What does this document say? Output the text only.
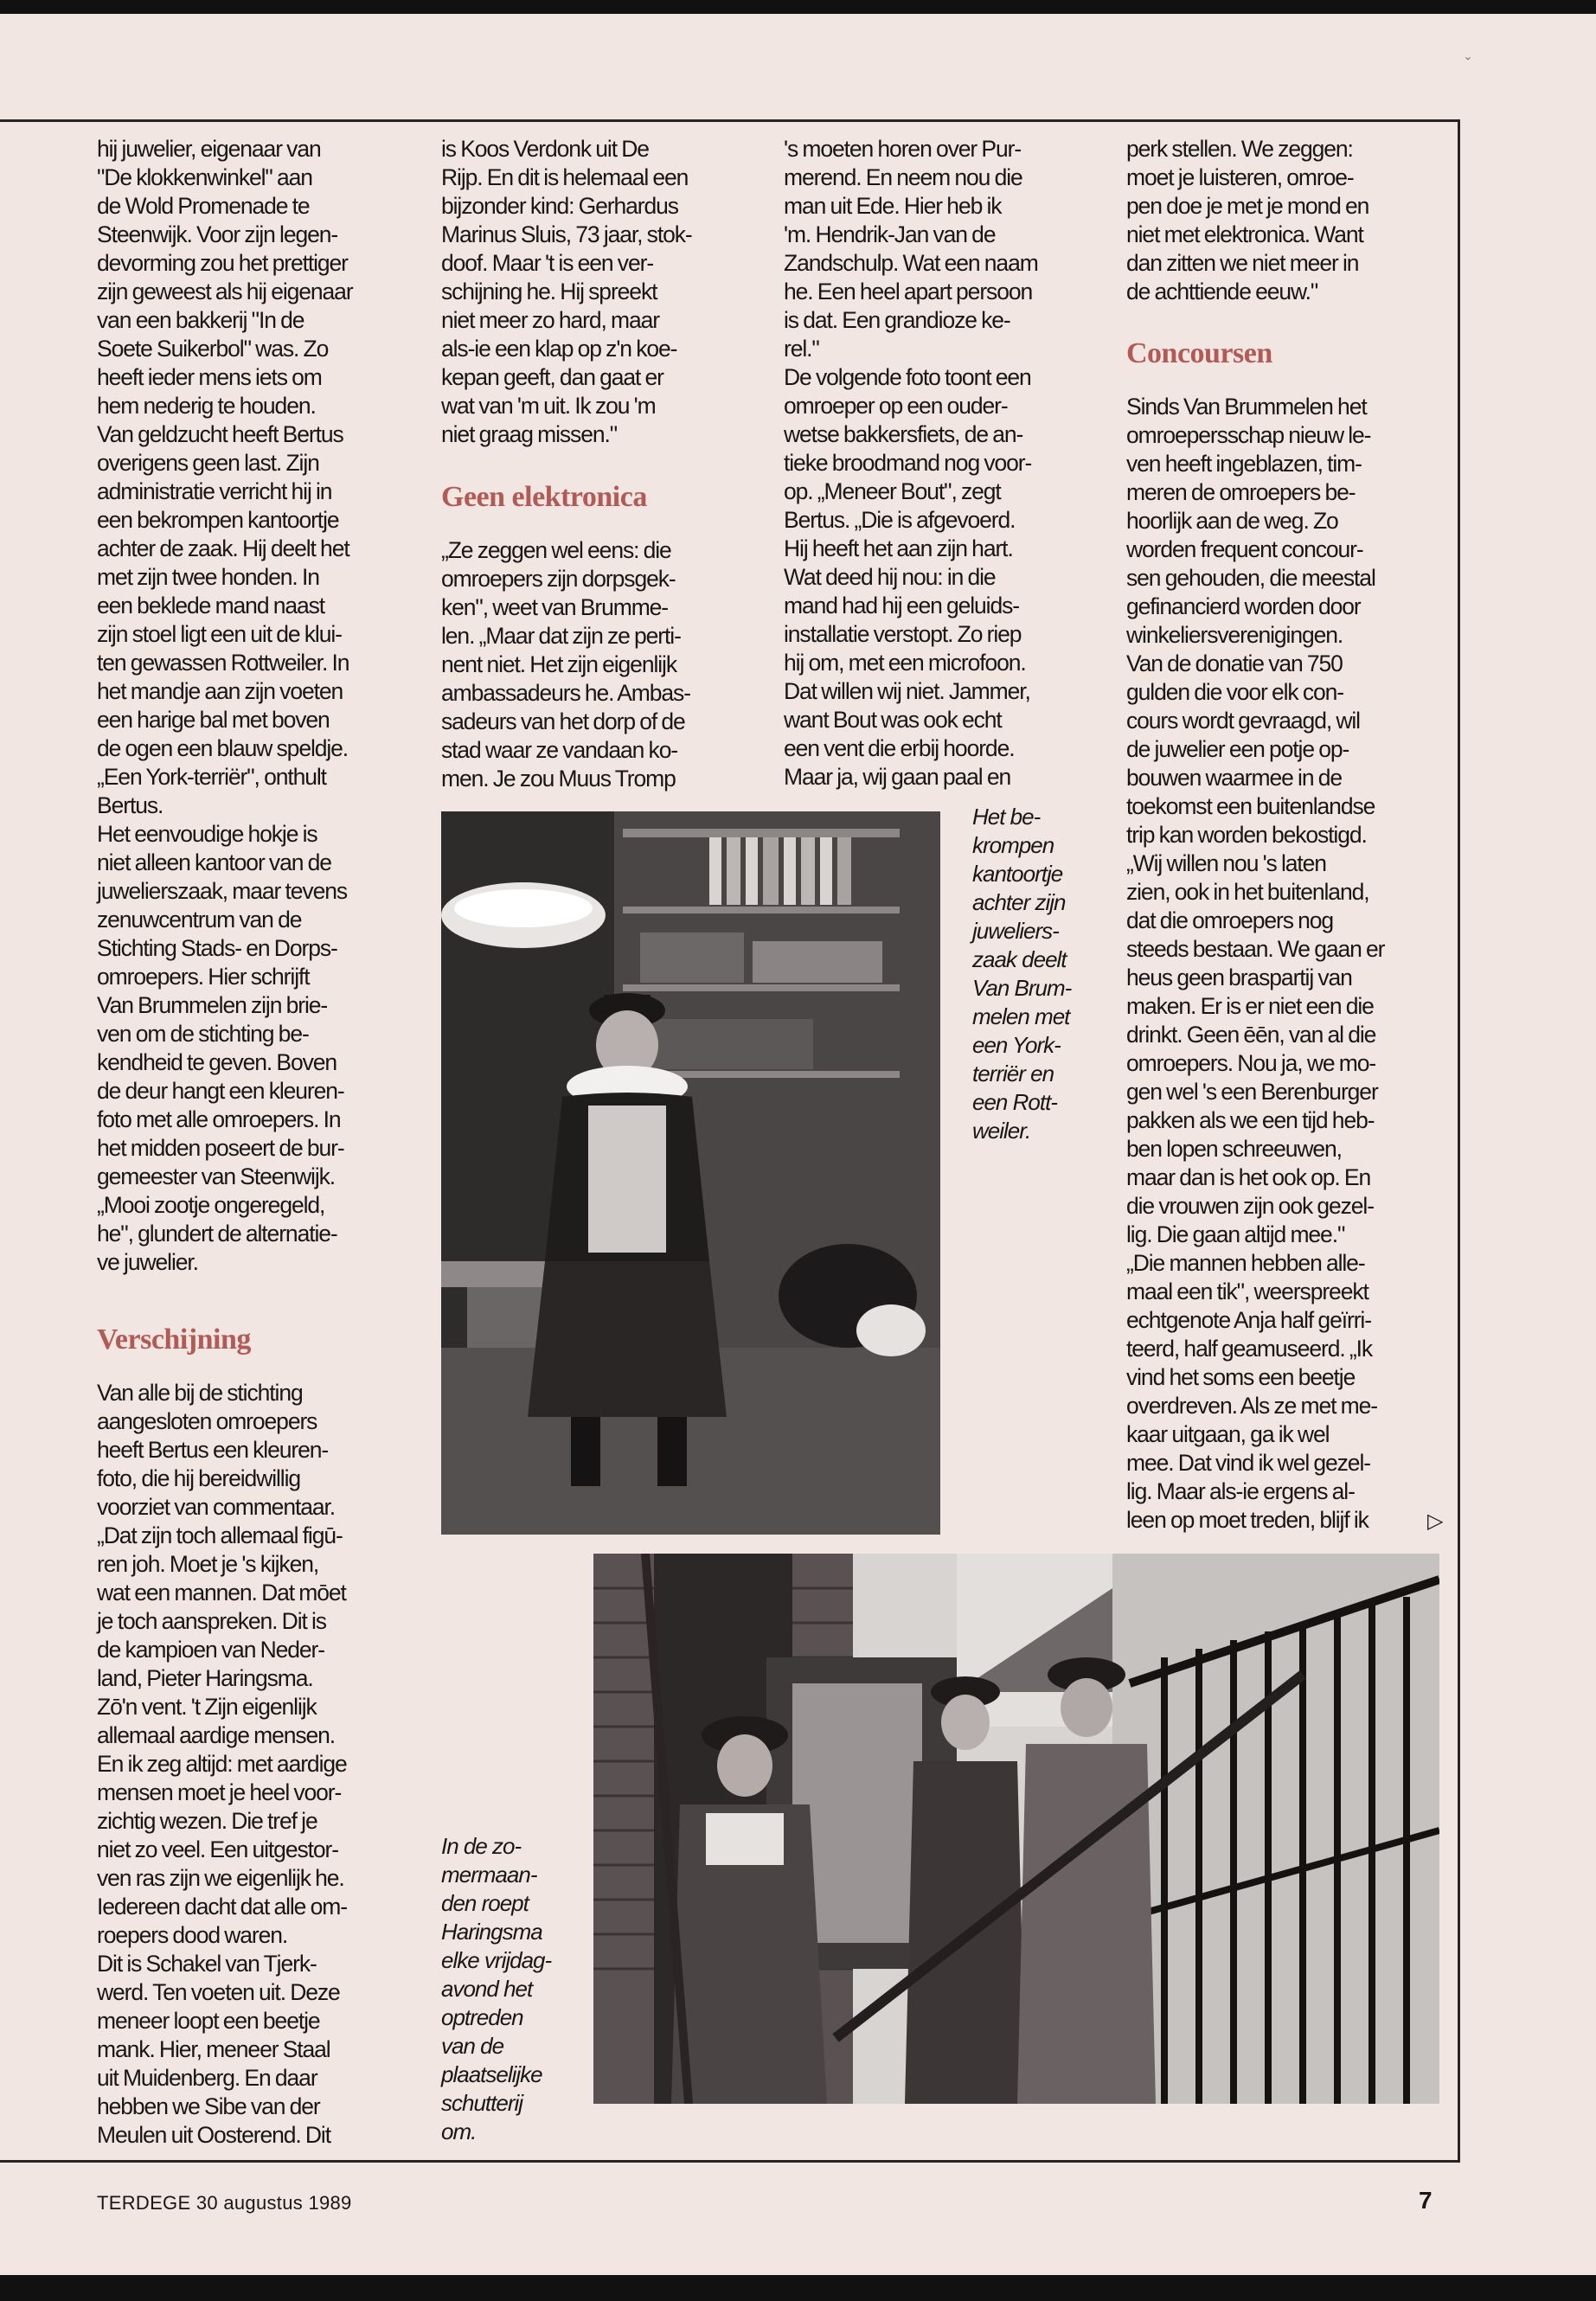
ˇ

hij juwelier, eigenaar van
"De klokkenwinkel" aan
de Wold Promenade te
Steenwijk. Voor zijn legen-
devorming zou het prettiger
zijn geweest als hij eigenaar
van een bakkerij "In de
Soete Suikerbol" was. Zo
heeft ieder mens iets om
hem nederig te houden.
Van geldzucht heeft Bertus
overigens geen last. Zijn
administratie verricht hij in
een bekrompen kantoortje
achter de zaak. Hij deelt het
met zijn twee honden. In
een beklede mand naast
zijn stoel ligt een uit de klui-
ten gewassen Rottweiler. In
het mandje aan zijn voeten
een harige bal met boven
de ogen een blauw speldje.
„Een York-terriër", onthult
Bertus.
Het eenvoudige hokje is
niet alleen kantoor van de
juwelierszaak, maar tevens
zenuwcentrum van de
Stichting Stads- en Dorps-
omroepers. Hier schrijft
Van Brummelen zijn brie-
ven om de stichting be-
kendheid te geven. Boven
de deur hangt een kleuren-
foto met alle omroepers. In
het midden poseert de bur-
gemeester van Steenwijk.
„Mooi zootje ongeregeld,
he", glundert de alternatie-
ve juwelier.

Verschijning

Van alle bij de stichting
aangesloten omroepers
heeft Bertus een kleuren-
foto, die hij bereidwillig
voorziet van commentaar.
„Dat zijn toch allemaal figū-
ren joh. Moet je 's kijken,
wat een mannen. Dat mōet
je toch aanspreken. Dit is
de kampioen van Neder-
land, Pieter Haringsma.
Zō'n vent. 't Zijn eigenlijk
allemaal aardige mensen.
En ik zeg altijd: met aardige
mensen moet je heel voor-
zichtig wezen. Die tref je
niet zo veel. Een uitgestor-
ven ras zijn we eigenlijk he.
Iedereen dacht dat alle om-
roepers dood waren.
Dit is Schakel van Tjerk-
werd. Ten voeten uit. Deze
meneer loopt een beetje
mank. Hier, meneer Staal
uit Muidenberg. En daar
hebben we Sibe van der
Meulen uit Oosterend. Dit

is Koos Verdonk uit De
Rijp. En dit is helemaal een
bijzonder kind: Gerhardus
Marinus Sluis, 73 jaar, stok-
doof. Maar 't is een ver-
schijning he. Hij spreekt
niet meer zo hard, maar
als-ie een klap op z'n koe-
kepan geeft, dan gaat er
wat van 'm uit. Ik zou 'm
niet graag missen."

Geen elektronica

„Ze zeggen wel eens: die
omroepers zijn dorpsgek-
ken", weet van Brumme-
len. „Maar dat zijn ze perti-
nent niet. Het zijn eigenlijk
ambassadeurs he. Ambas-
sadeurs van het dorp of de
stad waar ze vandaan ko-
men. Je zou Muus Tromp

's moeten horen over Pur-
merend. En neem nou die
man uit Ede. Hier heb ik
'm. Hendrik-Jan van de
Zandschulp. Wat een naam
he. Een heel apart persoon
is dat. Een grandioze ke-
rel."
De volgende foto toont een
omroeper op een ouder-
wetse bakkersfiets, de an-
tieke broodmand nog voor-
op. „Meneer Bout", zegt
Bertus. „Die is afgevoerd.
Hij heeft het aan zijn hart.
Wat deed hij nou: in die
mand had hij een geluids-
installatie verstopt. Zo riep
hij om, met een microfoon.
Dat willen wij niet. Jammer,
want Bout was ook echt
een vent die erbij hoorde.
Maar ja, wij gaan paal en

perk stellen. We zeggen:
moet je luisteren, omroe-
pen doe je met je mond en
niet met elektronica. Want
dan zitten we niet meer in
de achttiende eeuw."

Concoursen

Sinds Van Brummelen het
omroepersschap nieuw le-
ven heeft ingeblazen, tim-
meren de omroepers be-
hoorlijk aan de weg. Zo
worden frequent concour-
sen gehouden, die meestal
gefinancierd worden door
winkeliersverenigingen.
Van de donatie van 750
gulden die voor elk con-
cours wordt gevraagd, wil
de juwelier een potje op-
bouwen waarmee in de
toekomst een buitenlandse
trip kan worden bekostigd.
„Wij willen nou 's laten
zien, ook in het buitenland,
dat die omroepers nog
steeds bestaan. We gaan er
heus geen braspartij van
maken. Er is er niet een die
drinkt. Geen ēēn, van al die
omroepers. Nou ja, we mo-
gen wel 's een Berenburger
pakken als we een tijd heb-
ben lopen schreeuwen,
maar dan is het ook op. En
die vrouwen zijn ook gezel-
lig. Die gaan altijd mee."
„Die mannen hebben alle-
maal een tik", weerspreekt
echtgenote Anja half geïrri-
teerd, half geamuseerd. „Ik
vind het soms een beetje
overdreven. Als ze met me-
kaar uitgaan, ga ik wel
mee. Dat vind ik wel gezel-
lig. Maar als-ie ergens al-
leen op moet treden, blijf ik	▷

Het be-
krompen
kantoortje
achter zijn
juweliers-
zaak deelt
Van Brum-
melen met
een York-
terriër en
een Rott-
weiler.

In de zo-
mermaan-
den roept
Haringsma
elke vrijdag-
avond het
optreden
van de
plaatselijke
schutterij
om.

TERDEGE 30 augustus 1989	7
